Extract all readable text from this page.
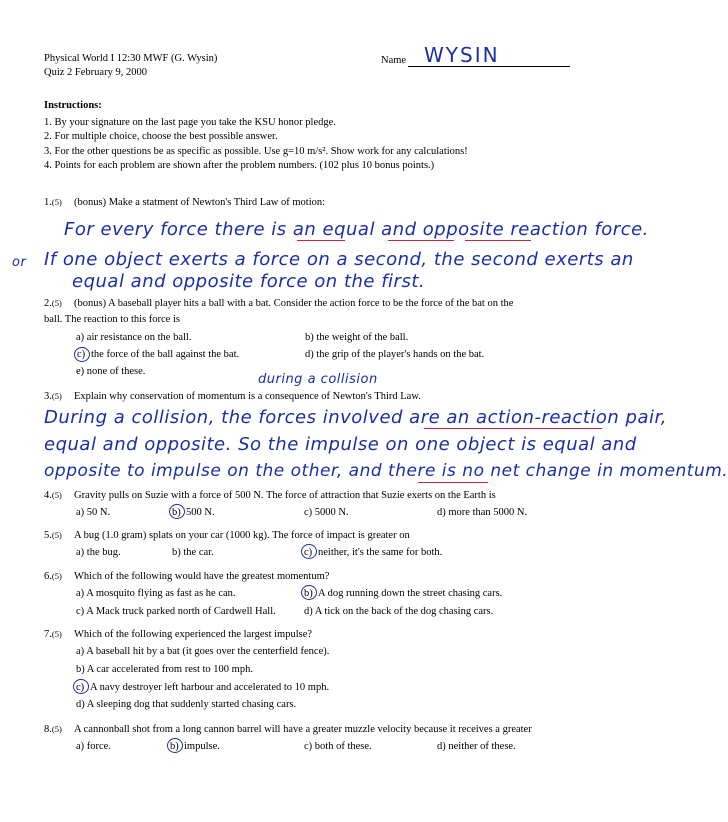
Physical World I 12:30 MWF (G. Wysin)
Quiz 2 February 9, 2000
Name WYSIN
Instructions:
1. By your signature on the last page you take the KSU honor pledge.
2. For multiple choice, choose the best possible answer.
3. For the other questions be as specific as possible. Use g=10 m/s². Show work for any calculations!
4. Points for each problem are shown after the problem numbers. (102 plus 10 bonus points.)
1.(5) (bonus) Make a statment of Newton's Third Law of motion:
For every force there is an equal and opposite reaction force.
or If one object exerts a force on a second, the second exerts an
equal and opposite force on the first.
2.(5) (bonus) A baseball player hits a ball with a bat. Consider the action force to be the force of the bat on the
ball. The reaction to this force is
a) air resistance on the ball.	b) the weight of the ball.
c) the force of the ball against the bat.	d) the grip of the player's hands on the bat.
e) none of these.
3.(5) Explain why conservation of momentum is a consequence of Newton's Third Law.
during a collision
During a collision, the forces involved are an action-reaction pair,
equal and opposite. So the impulse on one object is equal and
opposite to impulse on the other, and there is no net change in momentum.
4.(5) Gravity pulls on Suzie with a force of 500 N. The force of attraction that Suzie exerts on the Earth is
a) 50 N.	b) 500 N.	c) 5000 N.	d) more than 5000 N.
5.(5) A bug (1.0 gram) splats on your car (1000 kg). The force of impact is greater on
a) the bug.	b) the car.	c) neither, it's the same for both.
6.(5) Which of the following would have the greatest momentum?
a) A mosquito flying as fast as he can.	b) A dog running down the street chasing cars.
c) A Mack truck parked north of Cardwell Hall.	d) A tick on the back of the dog chasing cars.
7.(5) Which of the following experienced the largest impulse?
a) A baseball hit by a bat (it goes over the centerfield fence).
b) A car accelerated from rest to 100 mph.
c) A navy destroyer left harbour and accelerated to 10 mph.
d) A sleeping dog that suddenly started chasing cars.
8.(5) A cannonball shot from a long cannon barrel will have a greater muzzle velocity because it receives a greater
a) force.	b) impulse.	c) both of these.	d) neither of these.
